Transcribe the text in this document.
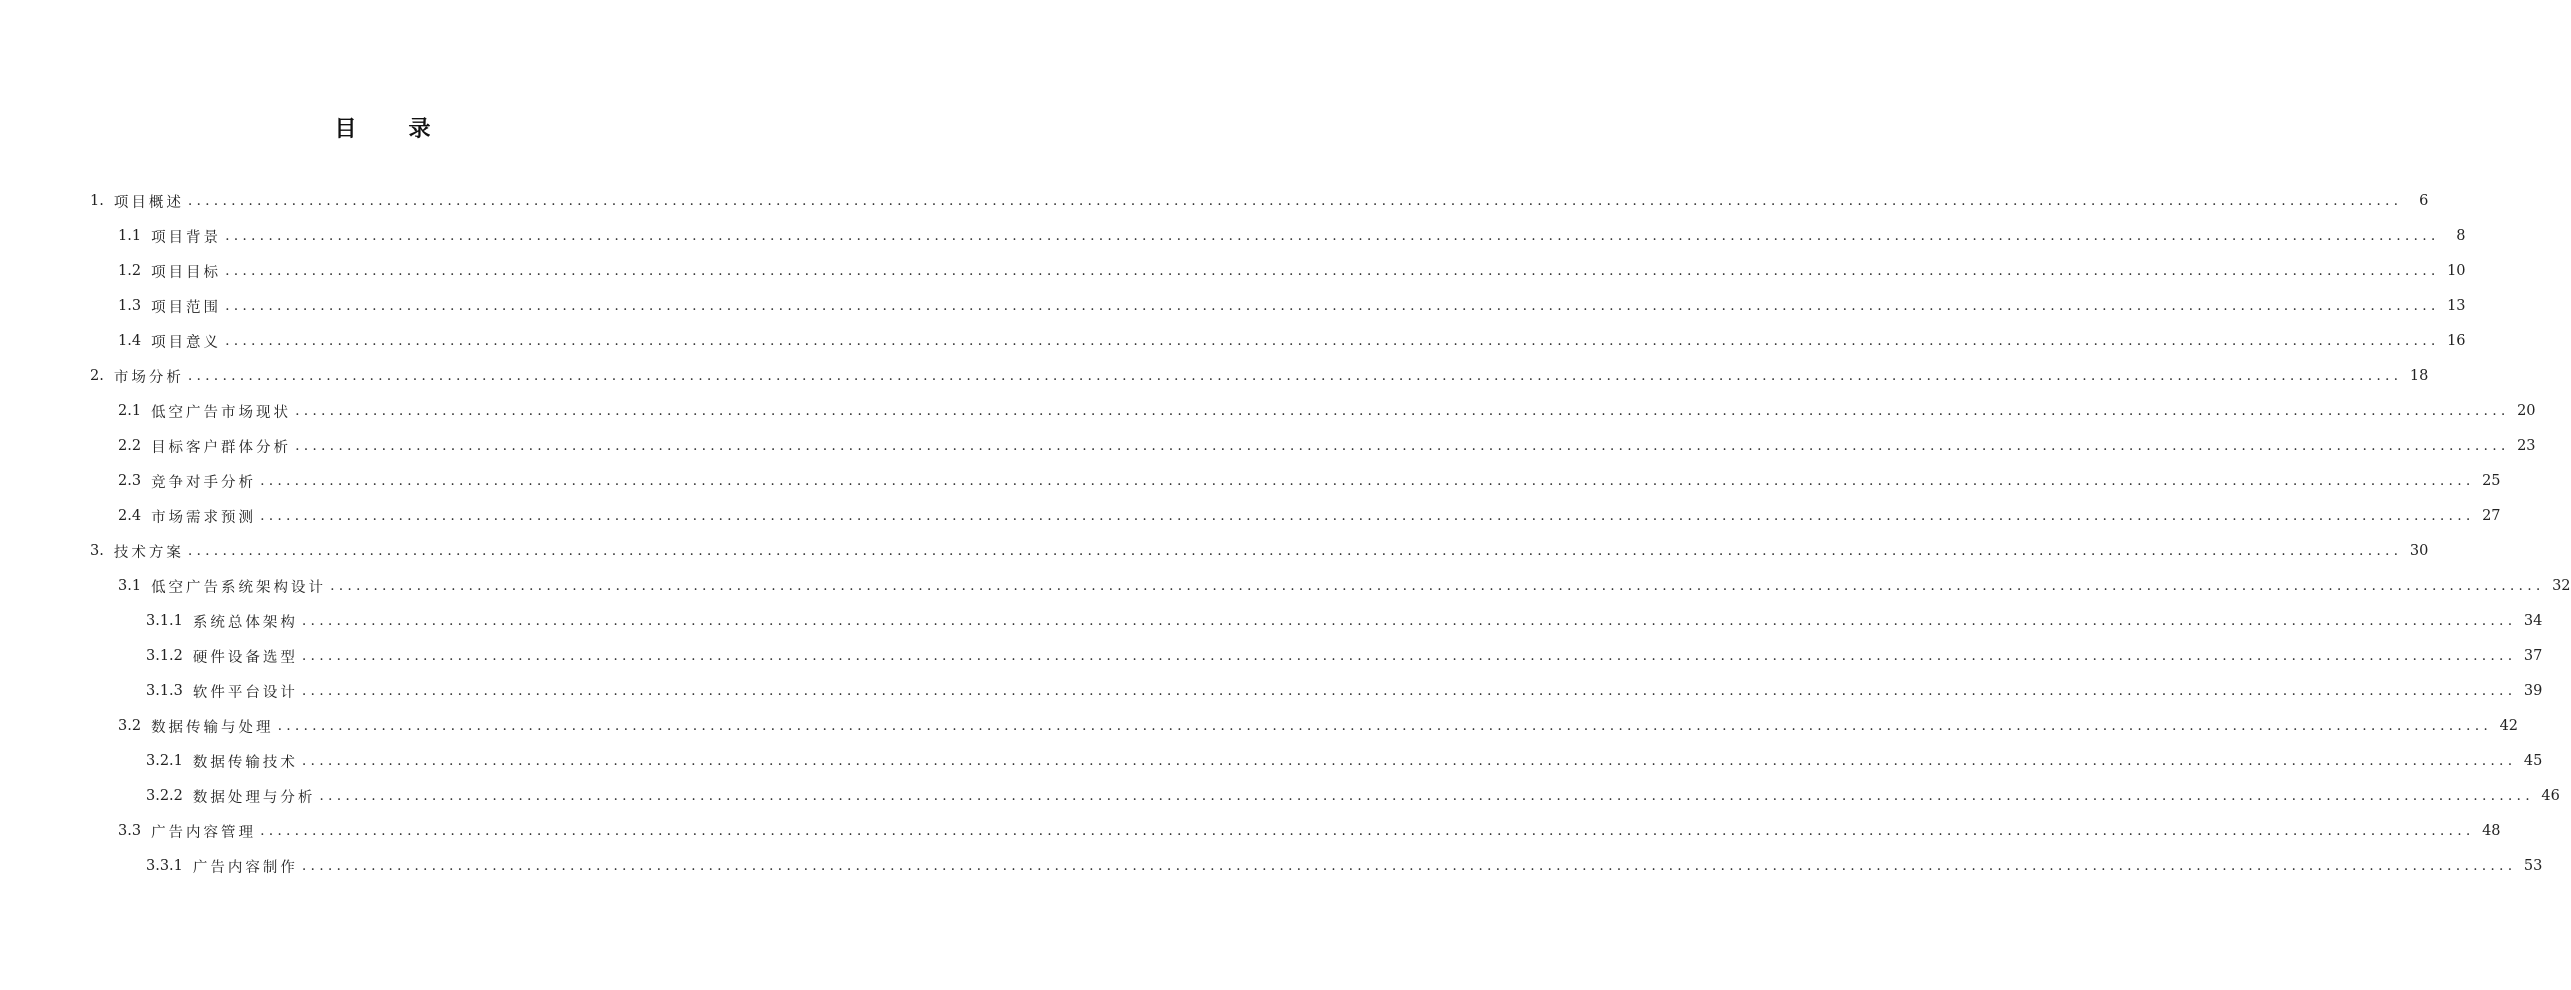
目 录
1. 项目概述 ................................................................................................................................................................................................................................................................	6
1.1 项目背景 ................................................................................................................................................................................................................................................................	8
1.2 项目目标 ................................................................................................................................................................................................................................................................ 10
1.3 项目范围 ................................................................................................................................................................................................................................................................ 13
1.4 项目意义 ................................................................................................................................................................................................................................................................ 16
2. 市场分析 ................................................................................................................................................................................................................................................................ 18
2.1 低空广告市场现状 ................................................................................................................................................................................................................................................................ 20
2.2 目标客户群体分析 ................................................................................................................................................................................................................................................................ 23
2.3 竞争对手分析 ................................................................................................................................................................................................................................................................ 25
2.4 市场需求预测 ................................................................................................................................................................................................................................................................ 27
3. 技术方案 ................................................................................................................................................................................................................................................................ 30
3.1 低空广告系统架构设计 ................................................................................................................................................................................................................................................................ 32
3.1.1 系统总体架构 ................................................................................................................................................................................................................................................................ 34
3.1.2 硬件设备选型 ................................................................................................................................................................................................................................................................ 37
3.1.3 软件平台设计 ................................................................................................................................................................................................................................................................ 39
3.2 数据传输与处理 ................................................................................................................................................................................................................................................................ 42
3.2.1 数据传输技术 ................................................................................................................................................................................................................................................................ 45
3.2.2 数据处理与分析 ................................................................................................................................................................................................................................................................ 46
3.3 广告内容管理 ................................................................................................................................................................................................................................................................ 48
3.3.1 广告内容制作 ................................................................................................................................................................................................................................................................ 53
